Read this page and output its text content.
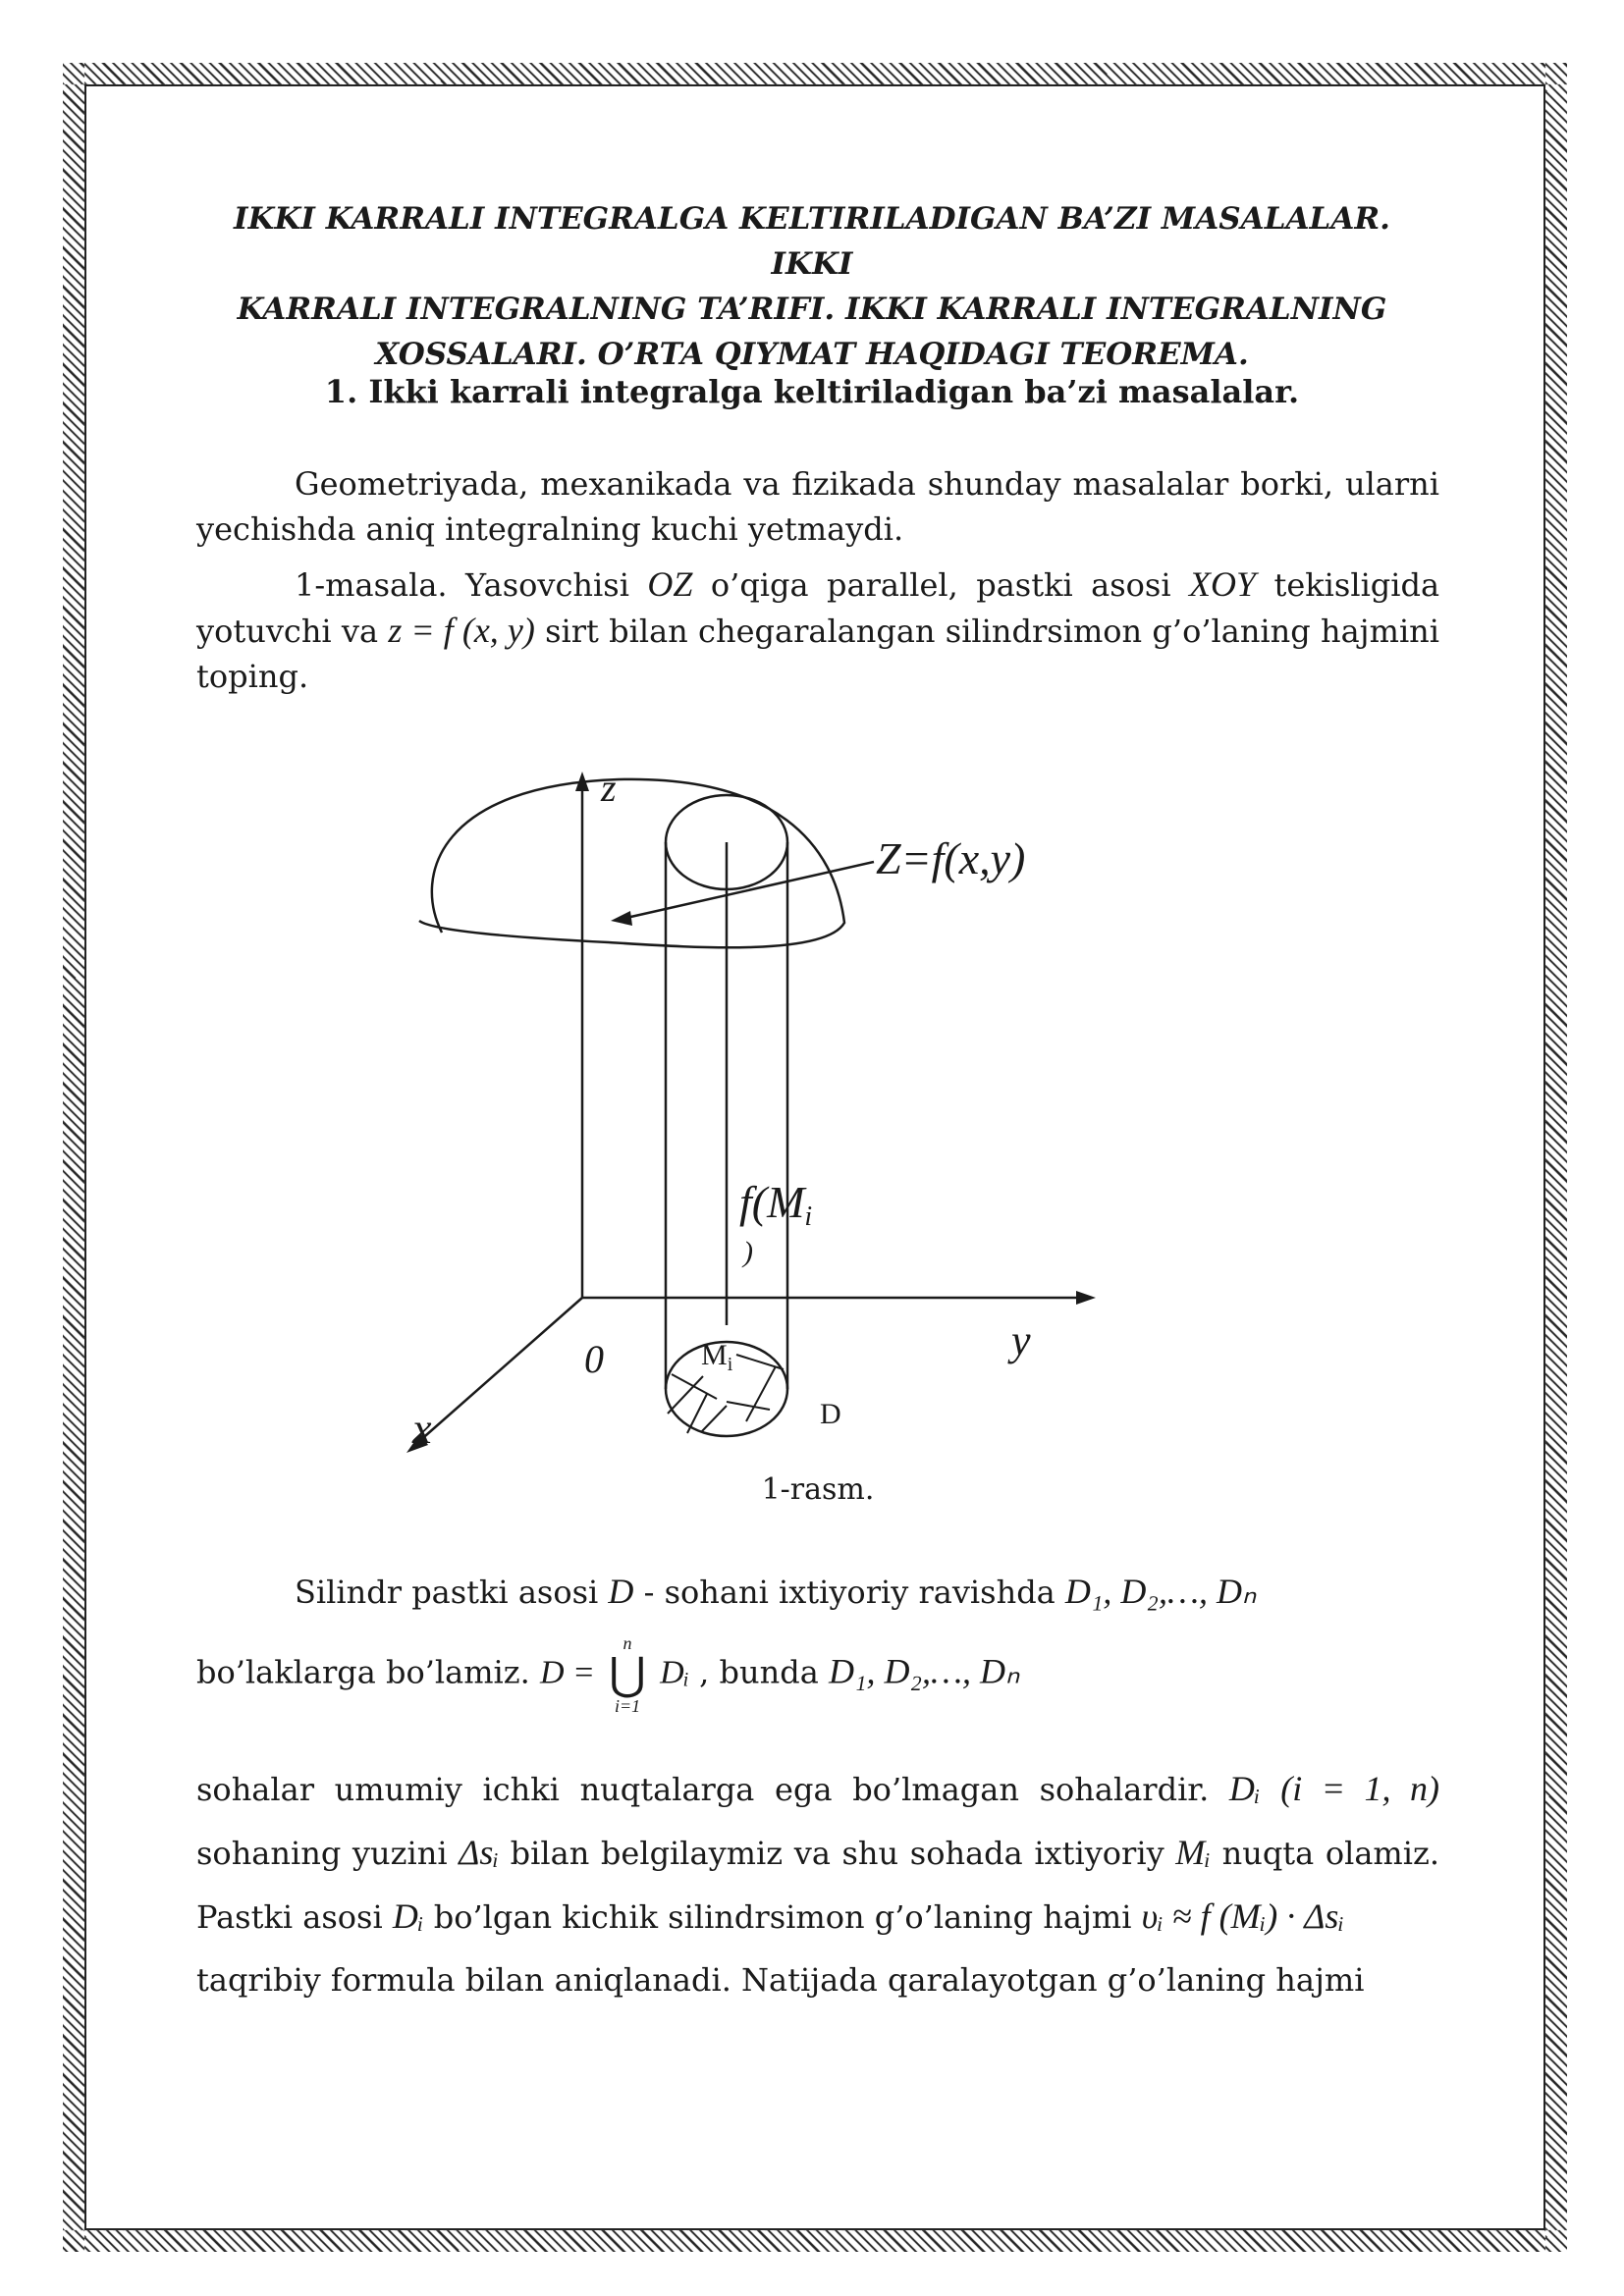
IKKI KARRALI INTEGRALGA KELTIRILADIGAN BA’ZI MASALALAR. IKKI
KARRALI INTEGRALNING TA’RIFI. IKKI KARRALI INTEGRALNING
XOSSALARI. O’RTA QIYMAT HAQIDAGI TEOREMA.
1. Ikki karrali integralga keltiriladigan ba’zi masalalar.
Geometriyada, mexanikada va fizikada shunday masalalar borki, ularni yechishda aniq integralning kuchi yetmaydi.
1-masala. Yasovchisi OZ o’qiga parallel, pastki asosi XOY tekisligida yotuvchi va z = f (x, y) sirt bilan chegaralangan silindrsimon g’o’laning hajmini toping.
z
y
x
0
Z=f(x,y)
f(Mi
)
$M_i$
D
1-rasm.
Silindr pastki asosi D - sohani ixtiyoriy ravishda D₁, D₂,…, Dₙ
bo’laklarga bo’lamiz. D =
n
⋃
i=1
Dᵢ , bunda D₁, D₂,…, Dₙ
sohalar umumiy ichki nuqtalarga ega bo’lmagan sohalardir. Dᵢ (i = 1, n) sohaning yuzini Δsᵢ bilan belgilaymiz va shu sohada ixtiyoriy Mᵢ nuqta olamiz. Pastki asosi Dᵢ bo’lgan kichik silindrsimon g’o’laning hajmi υᵢ ≈ f (Mᵢ) · Δsᵢ
taqribiy formula bilan aniqlanadi. Natijada qaralayotgan g’o’laning hajmi
